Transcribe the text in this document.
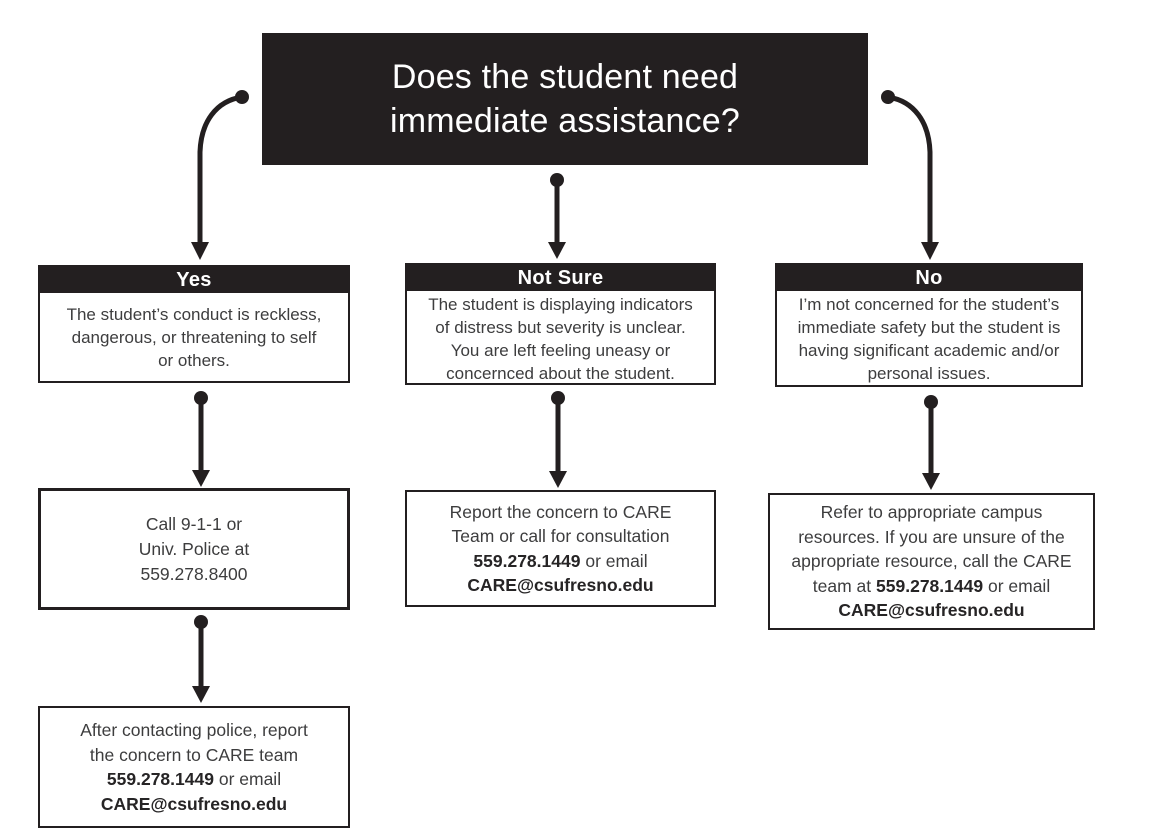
Does the student need
immediate assistance?
Yes
The student’s conduct is reckless,
dangerous, or threatening to self
or others.
Not Sure
The student is displaying indicators
of distress but severity is unclear.
You are left feeling uneasy or
concernced about the student.
No
I’m not concerned for the student’s
immediate safety but the student is
having significant academic and/or
personal issues.
Call 9-1-1 or
Univ. Police at
559.278.8400
Report the concern to CARE
Team or call for consultation
559.278.1449 or email
CARE@csufresno.edu
Refer to appropriate campus
resources. If you are unsure of the
appropriate resource, call the CARE
team at 559.278.1449 or email
CARE@csufresno.edu
After contacting police, report
the concern to CARE team
559.278.1449 or email
CARE@csufresno.edu
